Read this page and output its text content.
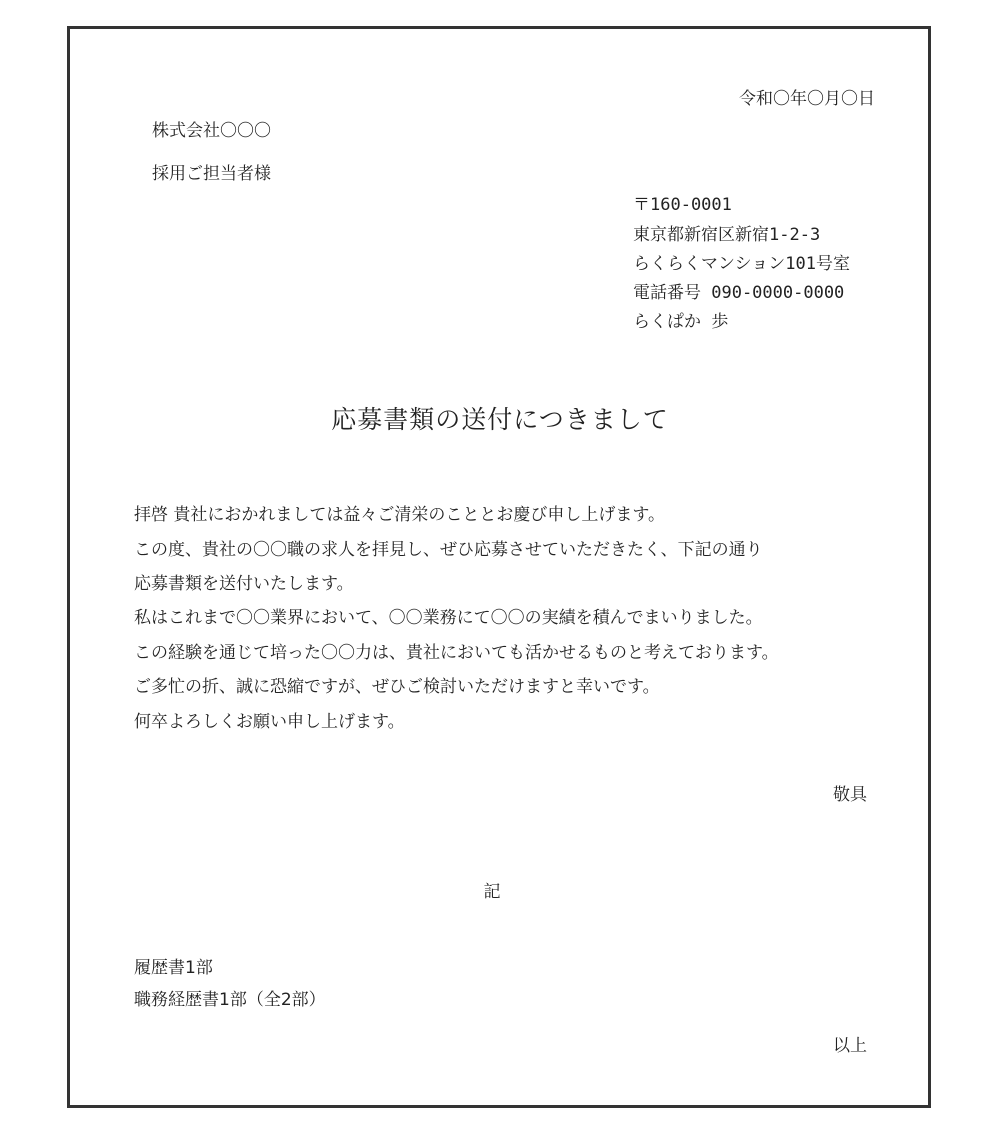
令和〇年〇月〇日
株式会社〇〇〇
採用ご担当者様
〒160-0001
東京都新宿区新宿1-2-3
らくらくマンション101号室
電話番号 090-0000-0000
らくぱか 歩
応募書類の送付につきまして
拝啓 貴社におかれましては益々ご清栄のこととお慶び申し上げます。
この度、貴社の〇〇職の求人を拝見し、ぜひ応募させていただきたく、下記の通り
応募書類を送付いたします。
私はこれまで〇〇業界において、〇〇業務にて〇〇の実績を積んでまいりました。
この経験を通じて培った〇〇力は、貴社においても活かせるものと考えております。
ご多忙の折、誠に恐縮ですが、ぜひご検討いただけますと幸いです。
何卒よろしくお願い申し上げます。
敬具
記
履歴書1部
職務経歴書1部（全2部）
以上
